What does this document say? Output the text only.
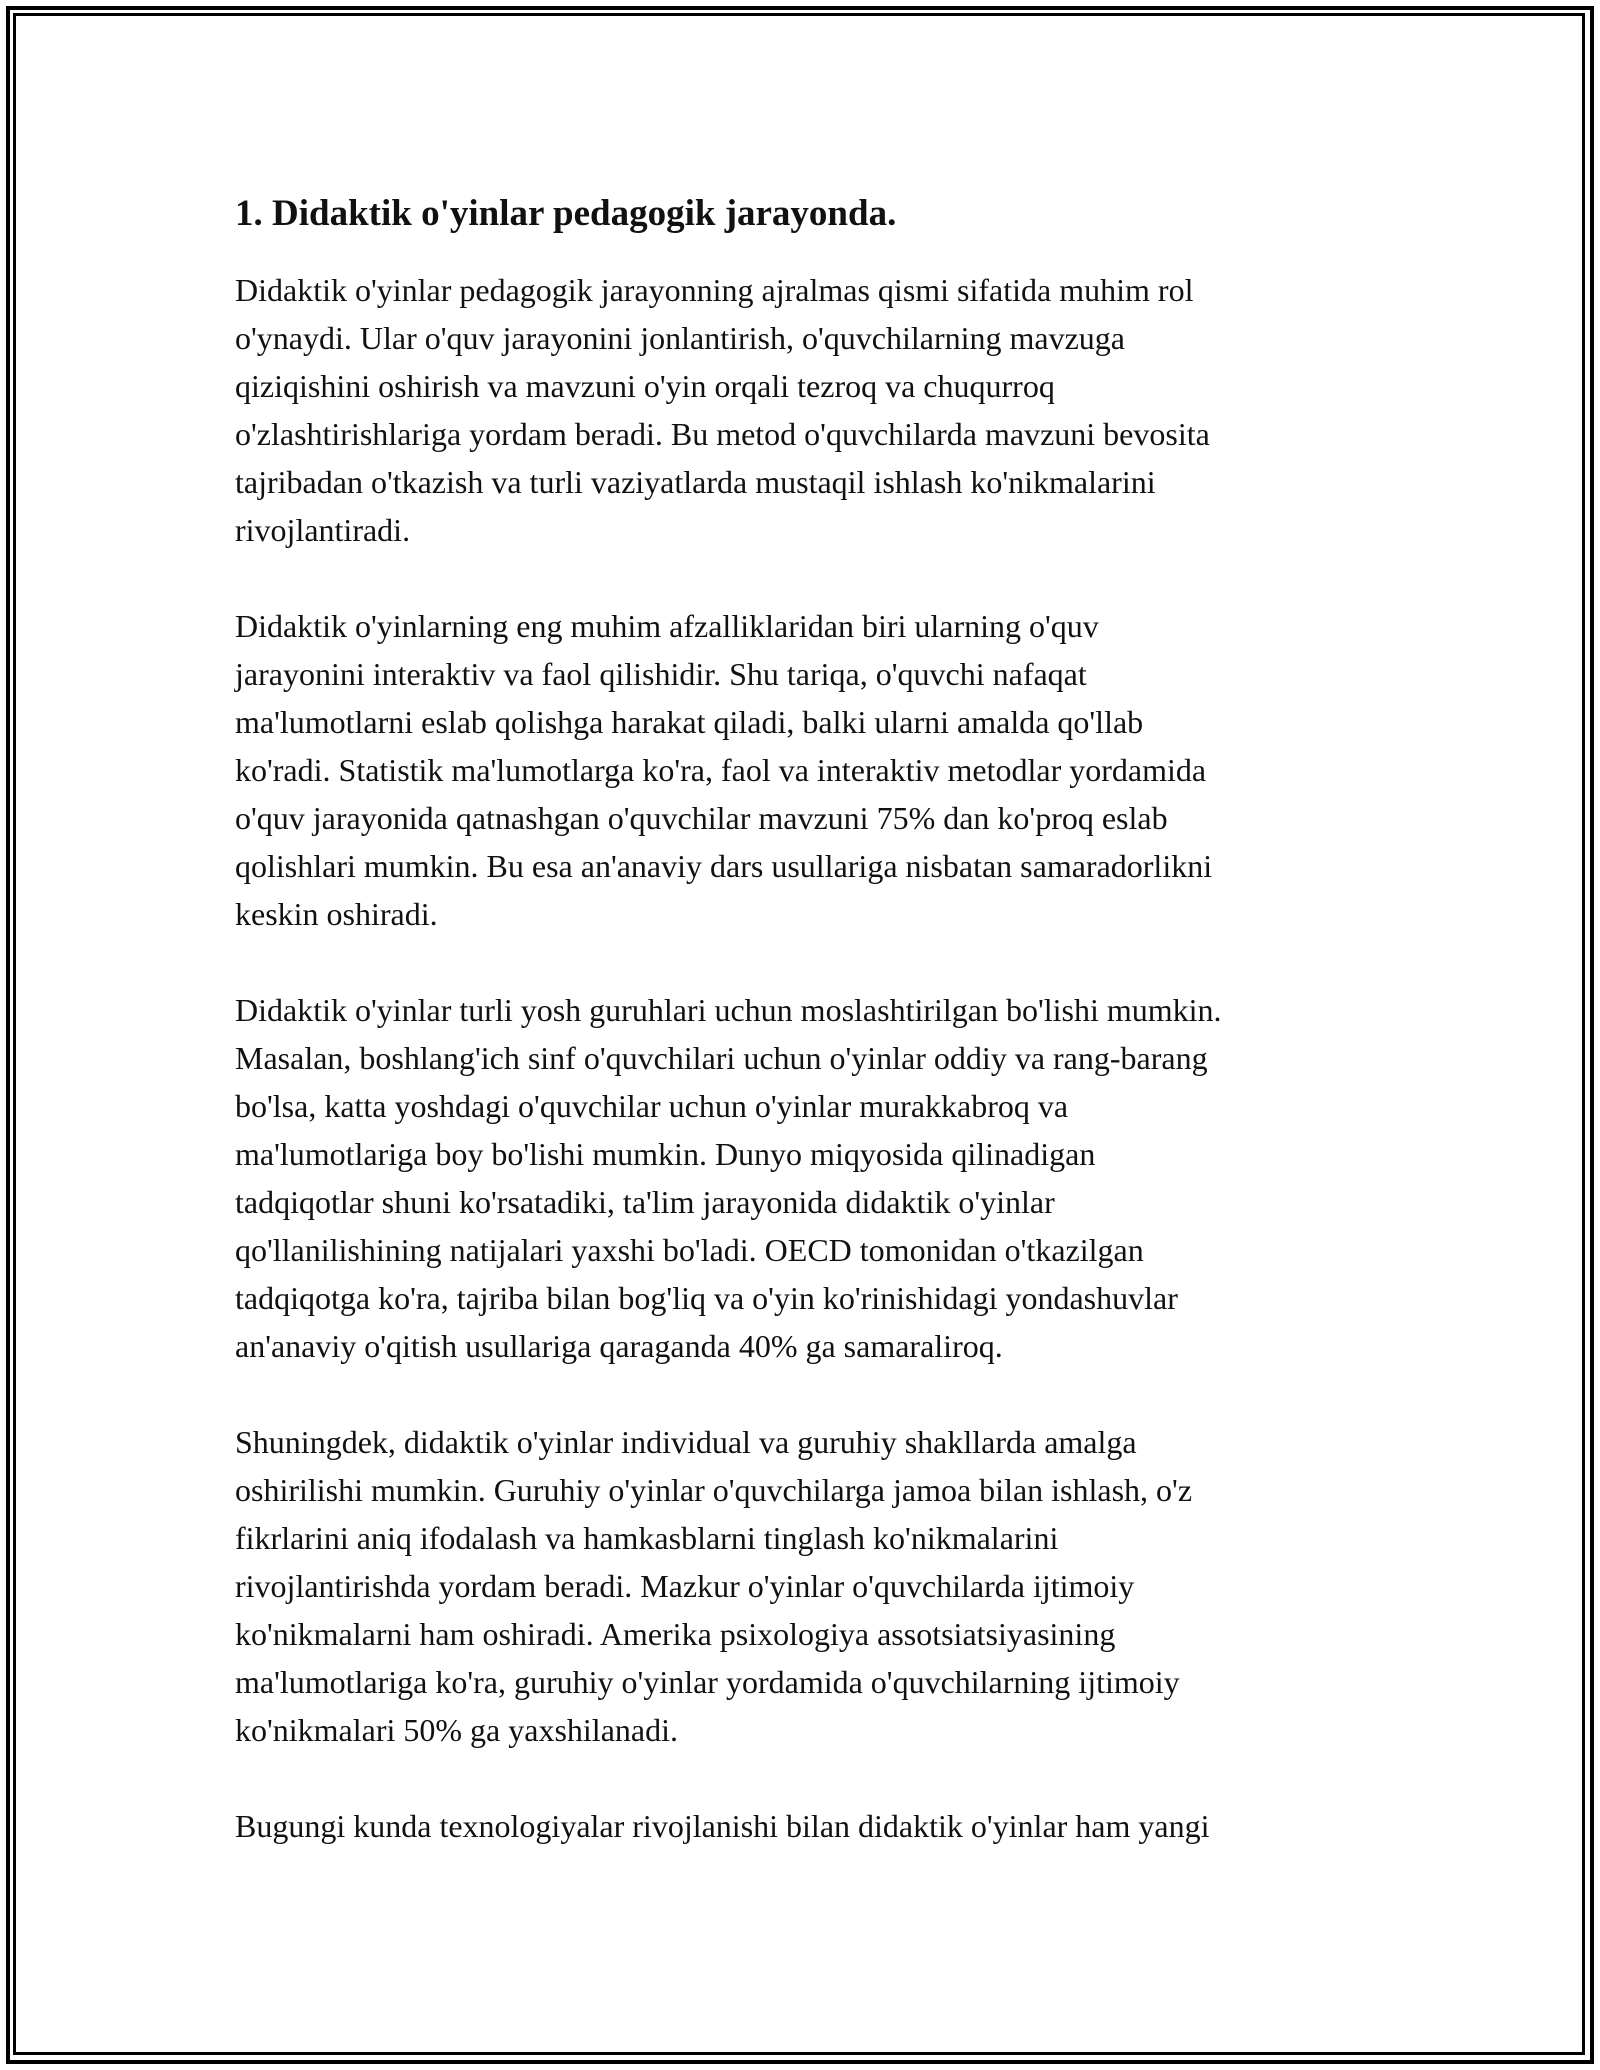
1. Didaktik o'yinlar pedagogik jarayonda.

Didaktik o'yinlar pedagogik jarayonning ajralmas qismi sifatida muhim rol
o'ynaydi. Ular o'quv jarayonini jonlantirish, o'quvchilarning mavzuga
qiziqishini oshirish va mavzuni o'yin orqali tezroq va chuqurroq
o'zlashtirishlariga yordam beradi. Bu metod o'quvchilarda mavzuni bevosita
tajribadan o'tkazish va turli vaziyatlarda mustaqil ishlash ko'nikmalarini
rivojlantiradi.

Didaktik o'yinlarning eng muhim afzalliklaridan biri ularning o'quv
jarayonini interaktiv va faol qilishidir. Shu tariqa, o'quvchi nafaqat
ma'lumotlarni eslab qolishga harakat qiladi, balki ularni amalda qo'llab
ko'radi. Statistik ma'lumotlarga ko'ra, faol va interaktiv metodlar yordamida
o'quv jarayonida qatnashgan o'quvchilar mavzuni 75% dan ko'proq eslab
qolishlari mumkin. Bu esa an'anaviy dars usullariga nisbatan samaradorlikni
keskin oshiradi.

Didaktik o'yinlar turli yosh guruhlari uchun moslashtirilgan bo'lishi mumkin.
Masalan, boshlang'ich sinf o'quvchilari uchun o'yinlar oddiy va rang-barang
bo'lsa, katta yoshdagi o'quvchilar uchun o'yinlar murakkabroq va
ma'lumotlariga boy bo'lishi mumkin. Dunyo miqyosida qilinadigan
tadqiqotlar shuni ko'rsatadiki, ta'lim jarayonida didaktik o'yinlar
qo'llanilishining natijalari yaxshi bo'ladi. OECD tomonidan o'tkazilgan
tadqiqotga ko'ra, tajriba bilan bog'liq va o'yin ko'rinishidagi yondashuvlar
an'anaviy o'qitish usullariga qaraganda 40% ga samaraliroq.

Shuningdek, didaktik o'yinlar individual va guruhiy shakllarda amalga
oshirilishi mumkin. Guruhiy o'yinlar o'quvchilarga jamoa bilan ishlash, o'z
fikrlarini aniq ifodalash va hamkasblarni tinglash ko'nikmalarini
rivojlantirishda yordam beradi. Mazkur o'yinlar o'quvchilarda ijtimoiy
ko'nikmalarni ham oshiradi. Amerika psixologiya assotsiatsiyasining
ma'lumotlariga ko'ra, guruhiy o'yinlar yordamida o'quvchilarning ijtimoiy
ko'nikmalari 50% ga yaxshilanadi.

Bugungi kunda texnologiyalar rivojlanishi bilan didaktik o'yinlar ham yangi
